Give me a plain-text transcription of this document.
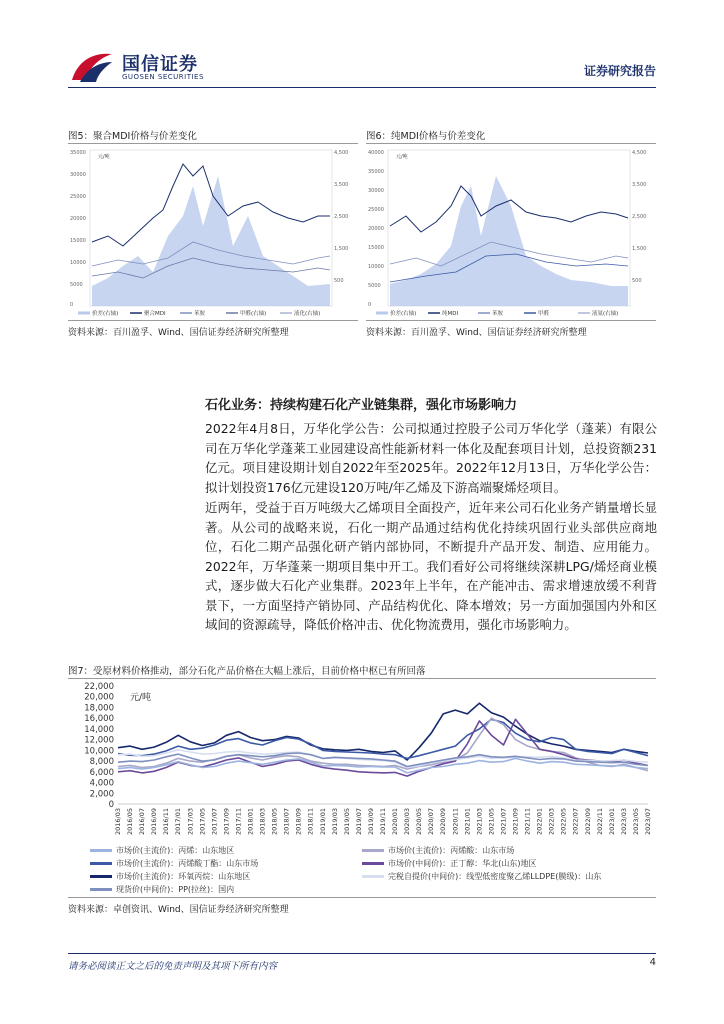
国信证券
GUOSEN SECURITIES	证券研究报告
图5：聚合MDI价格与价差变化
35000
30000
25000
20000
15000
10000
5000
0
元/吨
4,500
3,500
2,500
1,500
500
价差(右轴)	聚合MDI	苯胺	甲醛(右轴)	液化(右轴)
资料来源：百川盈孚、Wind、国信证券经济研究所整理
图6：纯MDI价格与价差变化
40000
35000
30000
25000
20000
15000
10000
5000
0
元/吨
4,500
3,500
2,500
1,500
500
价差(右轴)	纯MDI	苯胺	甲醛	液氨(右轴)
资料来源：百川盈孚、Wind、国信证券经济研究所整理
石化业务：持续构建石化产业链集群，强化市场影响力

2022年4月8日，万华化学公告：公司拟通过控股子公司万华化学（蓬莱）有限公司在万华化学蓬莱工业园建设高性能新材料一体化及配套项目计划，总投资额231亿元。项目建设期计划自2022年至2025年。2022年12月13日，万华化学公告：拟计划投资176亿元建设120万吨/年乙烯及下游高端聚烯烃项目。

近两年，受益于百万吨级大乙烯项目全面投产，近年来公司石化业务产销量增长显著。从公司的战略来说，石化一期产品通过结构优化持续巩固行业头部供应商地位，石化二期产品强化研产销内部协同，不断提升产品开发、制造、应用能力。2022年，万华蓬莱一期项目集中开工。我们看好公司将继续深耕LPG/烯烃商业模式，逐步做大石化产业集群。2023年上半年，在产能冲击、需求增速放缓不利背景下，一方面坚持产销协同、产品结构优化、降本增效；另一方面加强国内外和区域间的资源疏导，降低价格冲击、优化物流费用，强化市场影响力。

图7：受原材料价格推动，部分石化产品价格在大幅上涨后，目前价格中枢已有所回落
0
2,000
4,000
6,000
8,000
10,000
12,000
14,000
16,000
18,000
20,000
22,000
2016/03 2016/05 2016/07 2016/09 2016/11 2017/01 2017/03 2017/05 2017/07 2017/09 2017/11 2018/01 2018/03 2018/05 2018/07 2018/09 2018/11 2019/01 2019/03 2019/05 2019/07 2019/09 2019/11 2020/01 2020/03 2020/05 2020/07 2020/09 2020/11 2021/01 2021/03 2021/05 2021/07 2021/09 2021/11 2022/01 2022/03 2022/05 2022/07 2022/09 2022/11 2023/01 2023/03 2023/05 2023/07
元/吨
市场价(主流价)：丙烯：山东地区
市场价(主流价)：丙烯酸丁酯：山东市场
市场价(主流价)：环氧丙烷：山东地区
现货价(中间价)：PP(拉丝)：国内
市场价(主流价)：丙烯酸：山东市场
市场价(中间价)：正丁醇：华北(山东)地区
完税自提价(中间价)：线型低密度聚乙烯LLDPE(膜级)：山东
资料来源：卓创资讯、Wind、国信证券经济研究所整理
请务必阅读正文之后的免责声明及其项下所有内容	4
